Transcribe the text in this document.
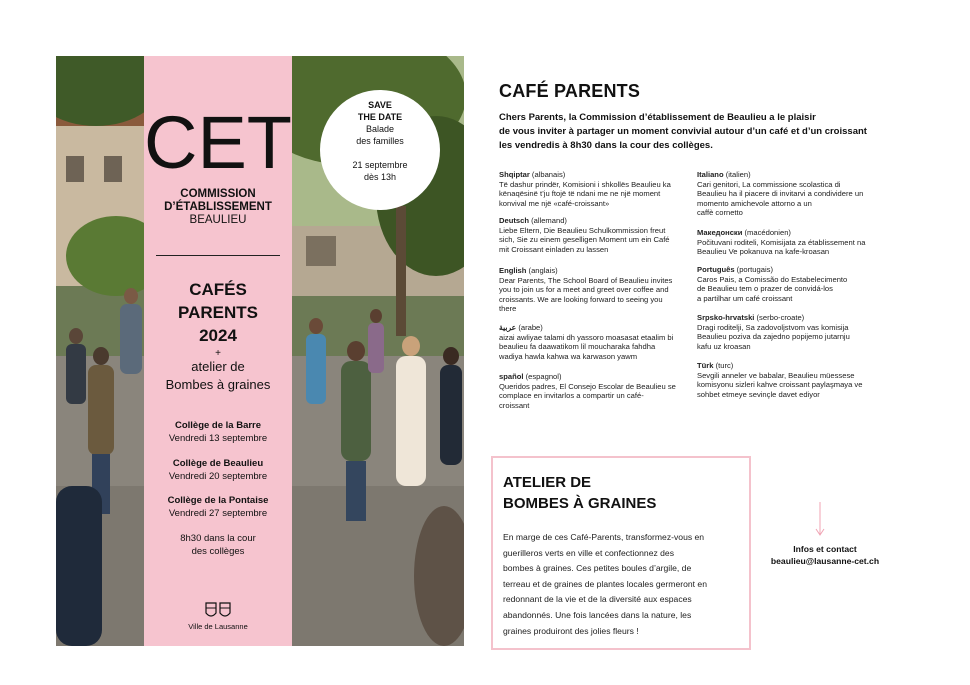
CET
COMMISSION
D’ÉTABLISSEMENT
BEAULIEU
CAFÉS
PARENTS
2024
+
atelier de
Bombes à graines
Collège de la Barre
Vendredi 13 septembre
Collège de Beaulieu
Vendredi 20 septembre
Collège de la Pontaise
Vendredi 27 septembre
8h30 dans la cour
des collèges
Ville de Lausanne
SAVE
THE DATE
Balade
des familles
21 septembre
dès 13h
CAFÉ PARENTS
Chers Parents, la Commission d’établissement de Beaulieu a le plaisir
de vous inviter à partager un moment convivial autour d’un café et d’un croissant
les vendredis à 8h30 dans la cour des collèges.
Shqiptar (albanais)
Të dashur prindër, Komisioni i shkollës Beaulieu ka
kënaqësinë t’ju ftojë të ndani me ne një moment
konvival me një «café-croissant»
Deutsch (allemand)
Liebe Eltern, Die Beaulieu Schulkommission freut
sich, Sie zu einem geselligen Moment um ein Café
mit Croissant einladen zu lassen
English (anglais)
Dear Parents, The School Board of Beaulieu invites
you to join us for a meet and greet over coffee and
croissants. We are looking forward to seeing you
there
عربية (arabe)
aizai awliyae talami dh yassoro moasasat etaalim bi
beaulieu fa daawatikom lil moucharaka fahdha
wadiya hawla kahwa wa karwason yawm
spañol (espagnol)
Queridos padres, El Consejo Escolar de Beaulieu se
complace en invitarlos a compartir un café-
croissant
Italiano (italien)
Cari genitori, La commissione scolastica di
Beaulieu ha il piacere di invitarvi a condividere un
momento amichevole attorno a un
caffè cornetto
Македонски (macédonien)
Počituvani roditeli, Komisijata za établissement na
Beaulieu Ve pokanuva na kafe-kroasan
Português (portugais)
Caros Pais, a Comissão do Estabelecimento
de Beaulieu tem o prazer de convidá-los
a partilhar um café croissant
Srpsko-hrvatski (serbo-croate)
Dragi roditelji, Sa zadovoljstvom vas komisija
Beaulieu poziva da zajedno popijemo jutarnju
kafu uz kroasan
Türk (turc)
Sevgili anneler ve babalar, Beaulieu müessese
komisyonu sizleri kahve croissant paylaşmaya ve
sohbet etmeye sevinçle davet ediyor
ATELIER DE
BOMBES À GRAINES
En marge de ces Café-Parents, transformez-vous en
guerilleros verts en ville et confectionnez des
bombes à graines. Ces petites boules d’argile, de
terreau et de graines de plantes locales germeront en
redonnant de la vie et de la diversité aux espaces
abandonnés. Une fois lancées dans la nature, les
graines produiront des jolies fleurs !
Infos et contact
beaulieu@lausanne-cet.ch
